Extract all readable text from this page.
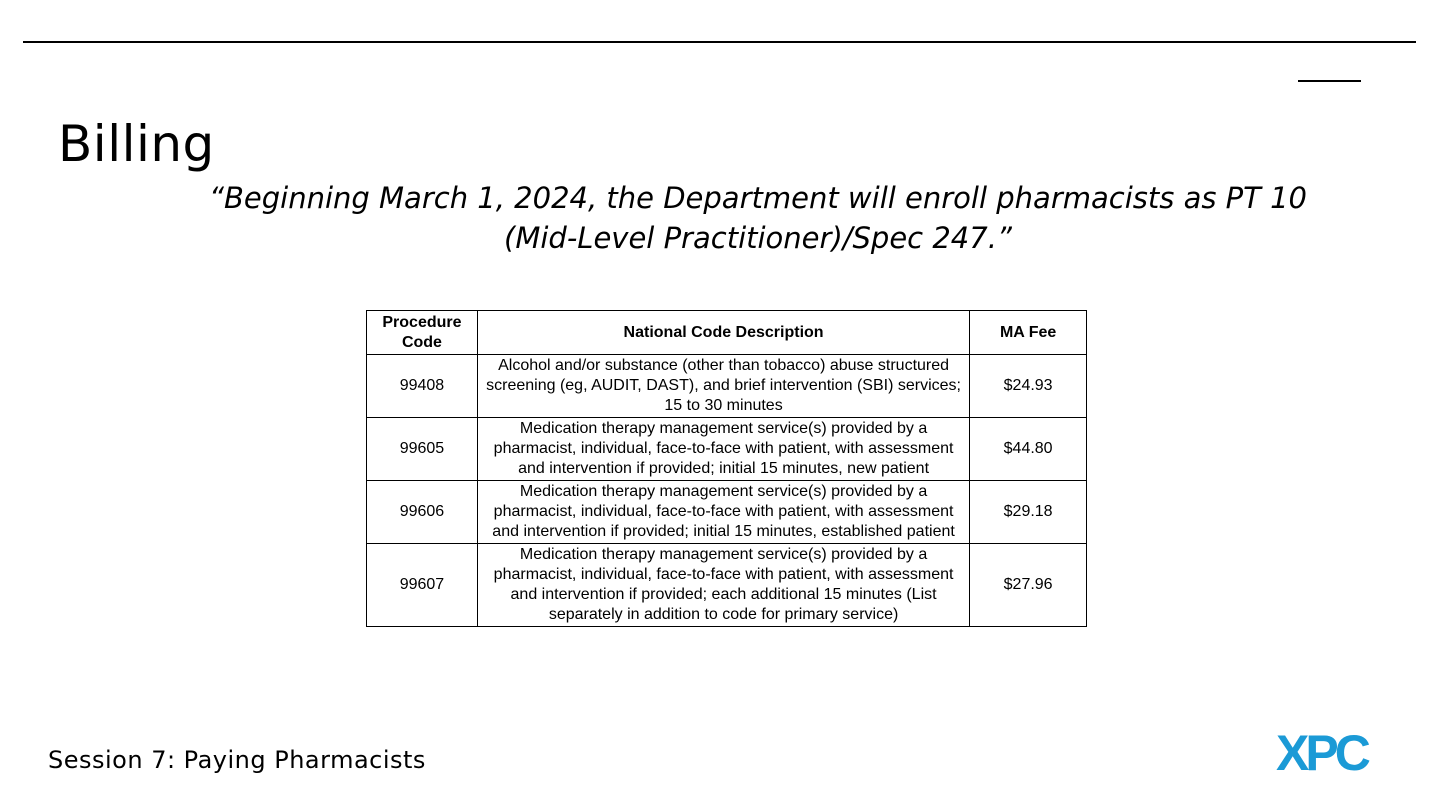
Billing
“Beginning March 1, 2024, the Department will enroll pharmacists as PT 10 (Mid-Level Practitioner)/Spec 247.”
Procedure Code	National Code Description	MA Fee
99408	Alcohol and/or substance (other than tobacco) abuse structured screening (eg, AUDIT, DAST), and brief intervention (SBI) services; 15 to 30 minutes	$24.93
99605	Medication therapy management service(s) provided by a pharmacist, individual, face-to-face with patient, with assessment and intervention if provided; initial 15 minutes, new patient	$44.80
99606	Medication therapy management service(s) provided by a pharmacist, individual, face-to-face with patient, with assessment and intervention if provided; initial 15 minutes, established patient	$29.18
99607	Medication therapy management service(s) provided by a pharmacist, individual, face-to-face with patient, with assessment and intervention if provided; each additional 15 minutes (List separately in addition to code for primary service)	$27.96
Session 7: Paying Pharmacists	XPC
